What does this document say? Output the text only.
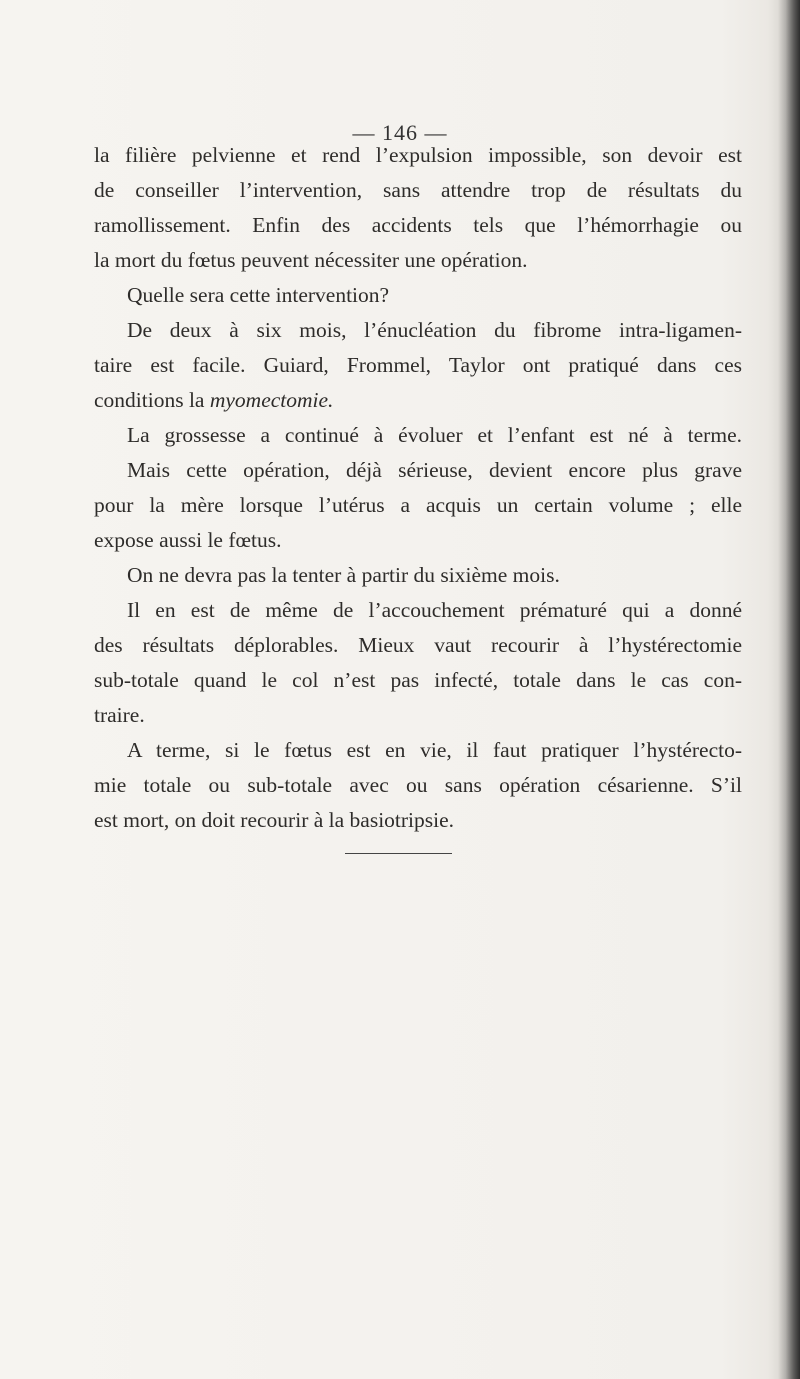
— 146 —
la filière pelvienne et rend l’expulsion impossible, son devoir est
de conseiller l’intervention, sans attendre trop de résultats du
ramollissement. Enfin des accidents tels que l’hémorrhagie ou
la mort du fœtus peuvent nécessiter une opération.
Quelle sera cette intervention?
De deux à six mois, l’énucléation du fibrome intra-ligamen-
taire est facile. Guiard, Frommel, Taylor ont pratiqué dans ces
conditions la myomectomie.
La grossesse a continué à évoluer et l’enfant est né à terme.
Mais cette opération, déjà sérieuse, devient encore plus grave
pour la mère lorsque l’utérus a acquis un certain volume ; elle
expose aussi le fœtus.
On ne devra pas la tenter à partir du sixième mois.
Il en est de même de l’accouchement prématuré qui a donné
des résultats déplorables. Mieux vaut recourir à l’hystérectomie
sub-totale quand le col n’est pas infecté, totale dans le cas con-
traire.
A terme, si le fœtus est en vie, il faut pratiquer l’hystérecto-
mie totale ou sub-totale avec ou sans opération césarienne. S’il
est mort, on doit recourir à la basiotripsie.
